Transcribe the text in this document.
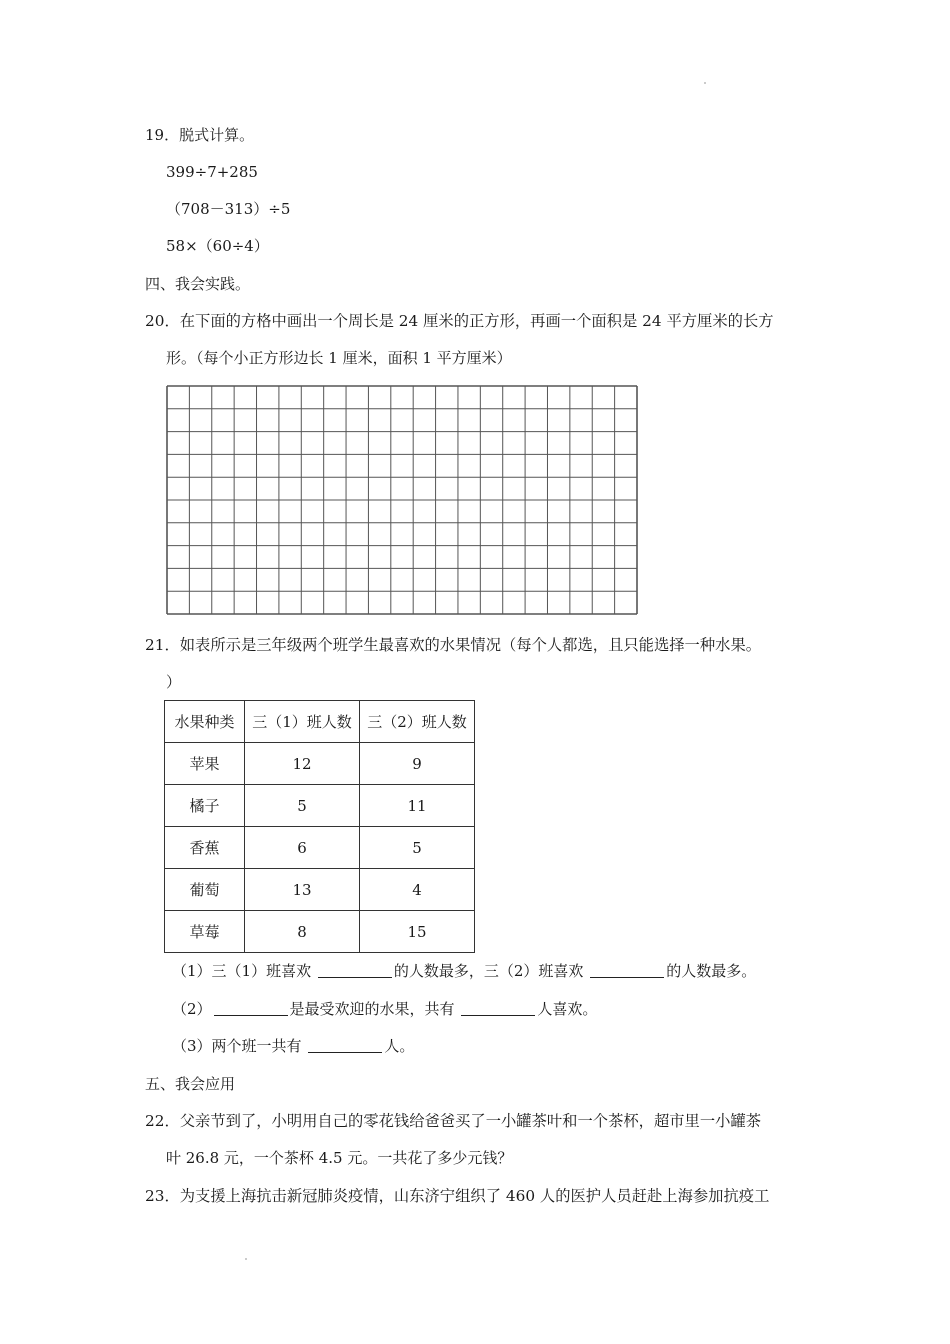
19．脱式计算。
399÷7+285
（708－313）÷5
58×（60÷4）
四、我会实践。
20．在下面的方格中画出一个周长是 24 厘米的正方形，再画一个面积是 24 平方厘米的长方
形。（每个小正方形边长 1 厘米，面积 1 平方厘米）
21．如表所示是三年级两个班学生最喜欢的水果情况（每个人都选，且只能选择一种水果。
）
水果种类	三（1）班人数	三（2）班人数
苹果	12	9
橘子	5	11
香蕉	6	5
葡萄	13	4
草莓	8	15
（1）三（1）班喜欢	的人数最多，三（2）班喜欢	的人数最多。
（2）	是最受欢迎的水果，共有	人喜欢。
（3）两个班一共有	人。
五、我会应用
22．父亲节到了，小明用自己的零花钱给爸爸买了一小罐茶叶和一个茶杯，超市里一小罐茶
叶 26.8 元，一个茶杯 4.5 元。一共花了多少元钱？
23．为支援上海抗击新冠肺炎疫情，山东济宁组织了 460 人的医护人员赶赴上海参加抗疫工
